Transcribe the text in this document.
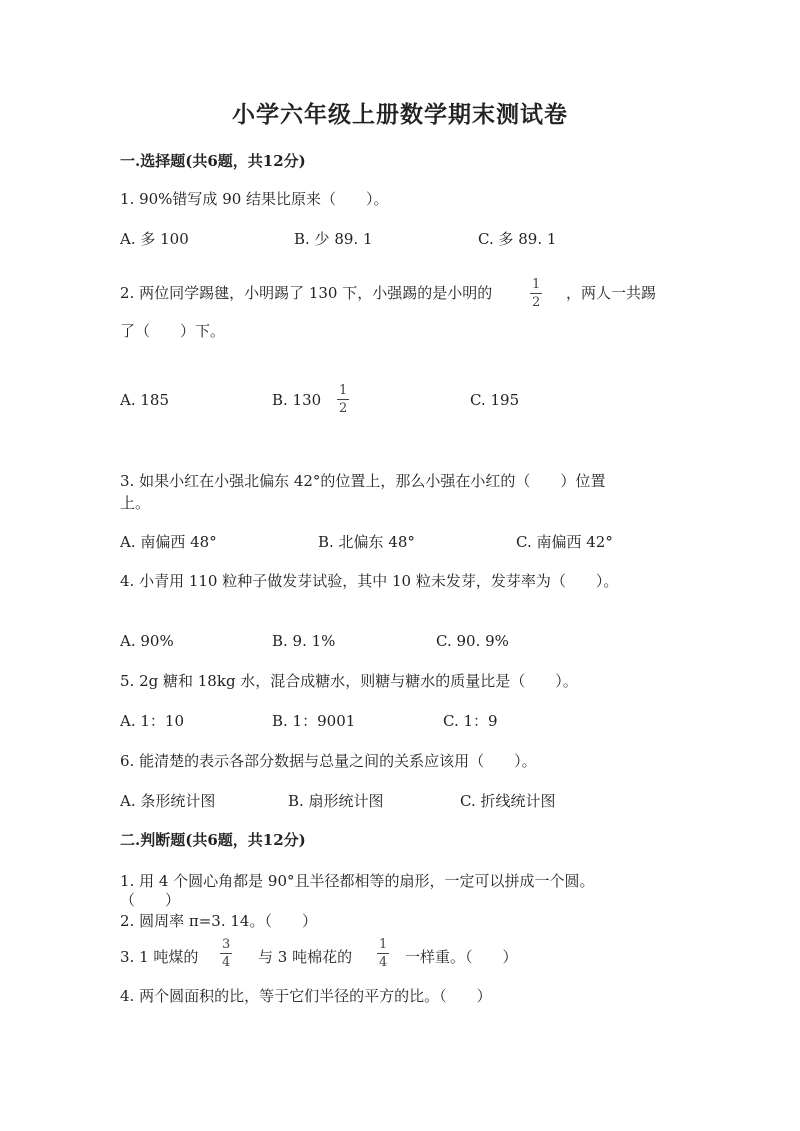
小学六年级上册数学期末测试卷
一.选择题(共6题，共12分)
1. 90%错写成 90 结果比原来（　　）。
A. 多 100	B. 少 89. 1	C. 多 89. 1
2. 两位同学踢毽，小明踢了 130 下，小强踢的是小明的	1
2
，两人一共踢
了（　　）下。
A. 185	B. 130
1
2	C. 195
3. 如果小红在小强北偏东 42°的位置上，那么小强在小红的（　　）位置
上。
A. 南偏西 48°	B. 北偏东 48°	C. 南偏西 42°
4. 小青用 110 粒种子做发芽试验，其中 10 粒未发芽，发芽率为（　　）。
A. 90%	B. 9. 1%	C. 90. 9%
5. 2g 糖和 18kg 水，混合成糖水，则糖与糖水的质量比是（　　）。
A. 1：10	B. 1：9001	C. 1：9
6. 能清楚的表示各部分数据与总量之间的关系应该用（　　）。
A. 条形统计图	B. 扇形统计图	C. 折线统计图
二.判断题(共6题，共12分)
1. 用 4 个圆心角都是 90°且半径都相等的扇形，一定可以拼成一个圆。
（　　）
2. 圆周率 π=3. 14。（　　）
3. 1 吨煤的
3
4 与 3 吨棉花的
1
4 一样重。（　　）
4. 两个圆面积的比，等于它们半径的平方的比。（　　）
